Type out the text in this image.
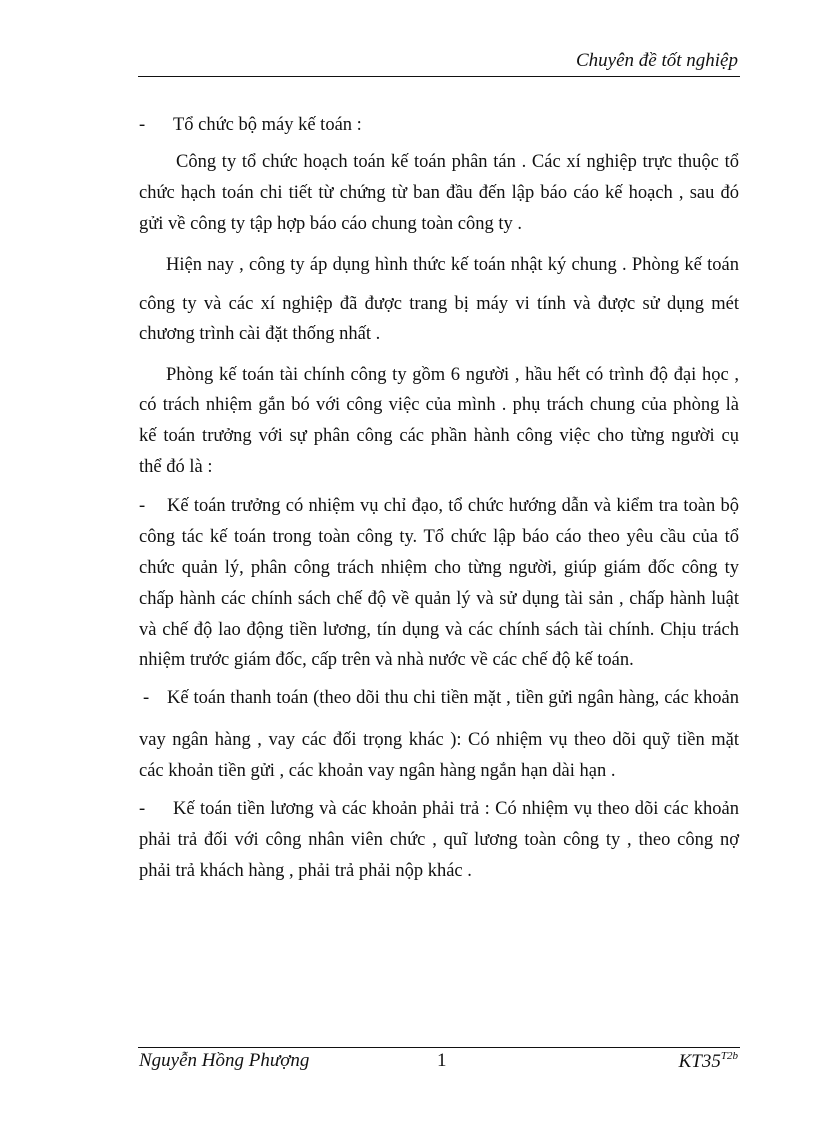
Chuyên đề tốt nghiệp
- Tổ chức bộ máy kế toán :
Công ty tổ chức hoạch toán kế toán phân tán . Các xí nghiệp trực thuộc tổ
chức hạch toán chi tiết từ chứng từ ban đầu đến lập báo cáo kế hoạch , sau đó
gửi về công ty tập hợp báo cáo chung toàn công ty .
Hiện nay , công ty áp dụng hình thức kế toán nhật ký chung . Phòng kế toán
công ty và các xí nghiệp đã được trang bị máy vi tính và được sử dụng mét
chương trình cài đặt thống nhất .
Phòng kế toán tài chính công ty gồm 6 người , hầu hết có trình độ đại học ,
có trách nhiệm gắn bó với công việc của mình . phụ trách chung của phòng là
kế toán trưởng với sự phân công các phần hành công việc cho từng người cụ
thể đó là :
- Kế toán trưởng có nhiệm vụ chỉ đạo, tổ chức hướng dẫn và kiểm tra toàn bộ
công tác kế toán trong toàn công ty. Tổ chức lập báo cáo theo yêu cầu của tổ
chức quản lý, phân công trách nhiệm cho từng người, giúp giám đốc công ty
chấp hành các chính sách chế độ về quản lý và sử dụng tài sản , chấp hành luật
và chế độ lao động tiền lương, tín dụng và các chính sách tài chính. Chịu trách
nhiệm trước giám đốc, cấp trên và nhà nước về các chế độ kế toán.
- Kế toán thanh toán (theo dõi thu chi tiền mặt , tiền gửi ngân hàng, các khoản
vay ngân hàng , vay các đối trọng khác ): Có nhiệm vụ theo dõi quỹ tiền mặt
các khoản tiền gửi , các khoản vay ngân hàng ngắn hạn dài hạn .
- Kế toán tiền lương và các khoản phải trả : Có nhiệm vụ theo dõi các khoản
phải trả đối với công nhân viên chức , quĩ lương toàn công ty , theo công nợ
phải trả khách hàng , phải trả phải nộp khác .
Nguyễn Hồng Phượng	1	$KT35^{T2b}$
